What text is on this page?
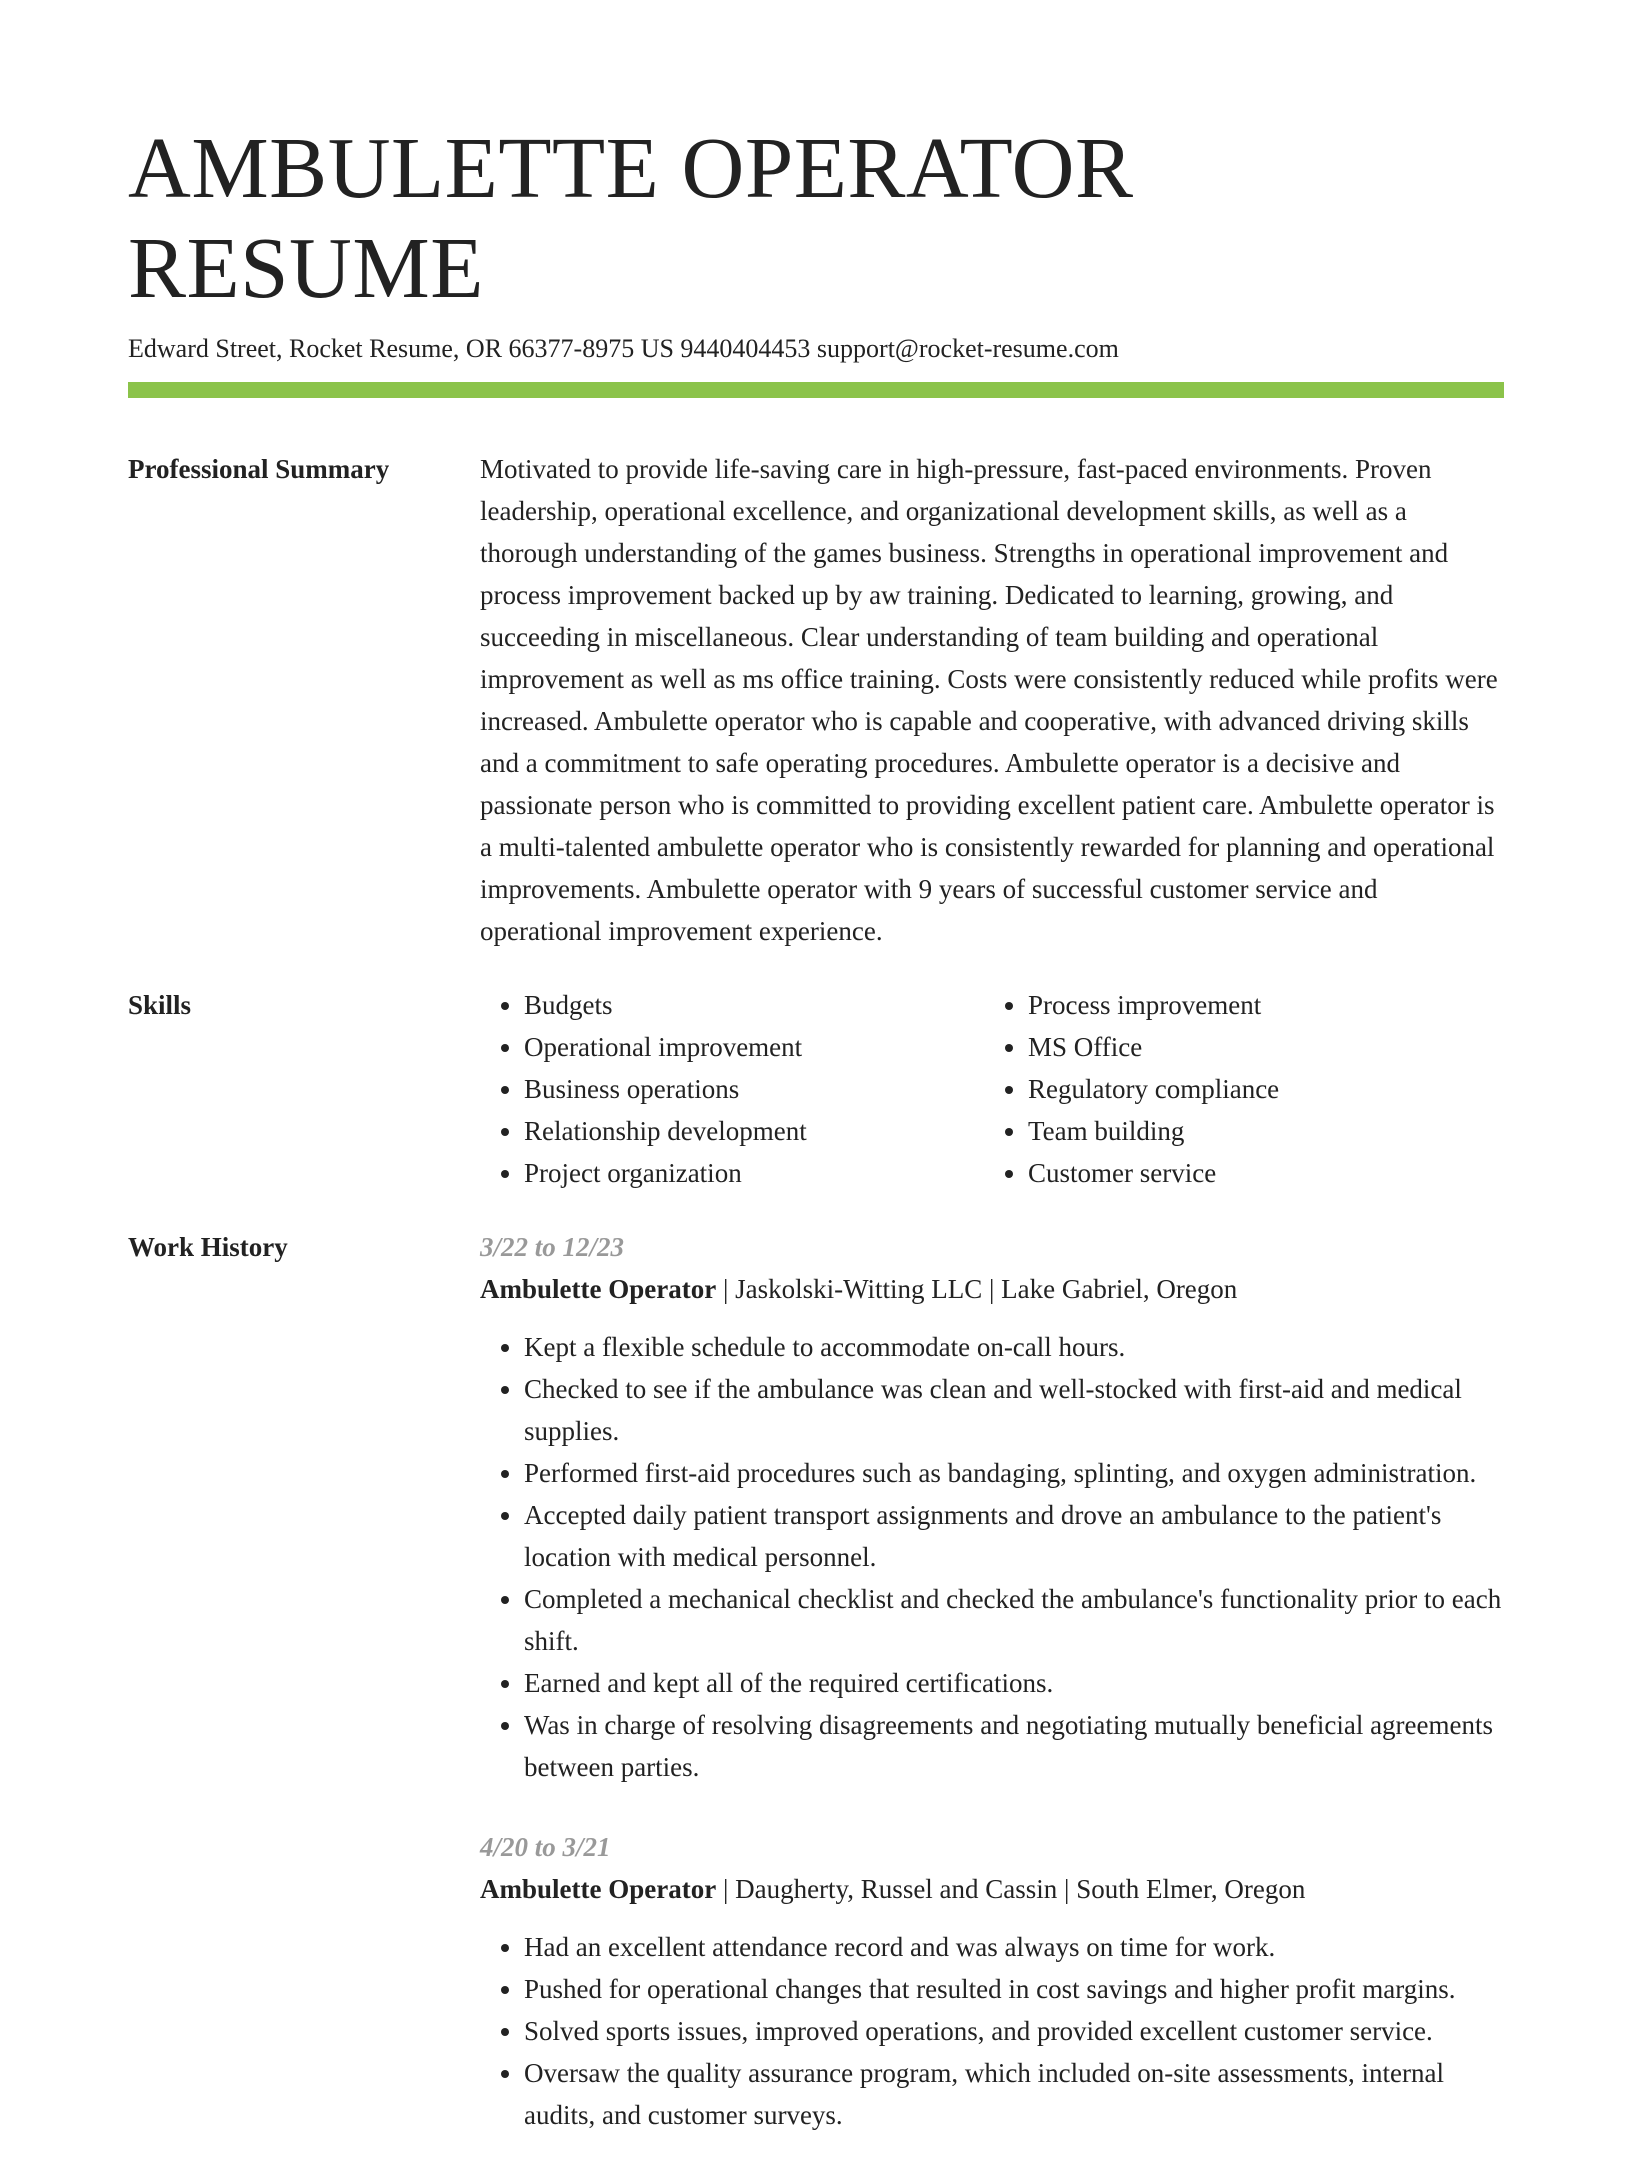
AMBULETTE OPERATOR RESUME
Edward Street, Rocket Resume, OR 66377-8975 US 9440404453 support@rocket-resume.com
Professional Summary	Motivated to provide life-saving care in high-pressure, fast-paced environments. Proven leadership, operational excellence, and organizational development skills, as well as a thorough understanding of the games business. Strengths in operational improvement and process improvement backed up by aw training. Dedicated to learning, growing, and succeeding in miscellaneous. Clear understanding of team building and operational improvement as well as ms office training. Costs were consistently reduced while profits were increased. Ambulette operator who is capable and cooperative, with advanced driving skills and a commitment to safe operating procedures. Ambulette operator is a decisive and passionate person who is committed to providing excellent patient care. Ambulette operator is a multi-talented ambulette operator who is consistently rewarded for planning and operational improvements. Ambulette operator with 9 years of successful customer service and operational improvement experience.

Skills
•	Budgets
• Operational improvement
• Business operations
• Relationship development
• Project organization
• Process improvement
• MS Office
• Regulatory compliance
• Team building
• Customer service
Work History	3/22 to 12/23
Ambulette Operator | Jaskolski-Witting LLC | Lake Gabriel, Oregon
• Kept a flexible schedule to accommodate on-call hours.
• Checked to see if the ambulance was clean and well-stocked with first-aid and medical supplies.
• Performed first-aid procedures such as bandaging, splinting, and oxygen administration.
• Accepted daily patient transport assignments and drove an ambulance to the patient's location with medical personnel.
• Completed a mechanical checklist and checked the ambulance's functionality prior to each shift.
• Earned and kept all of the required certifications.
• Was in charge of resolving disagreements and negotiating mutually beneficial agreements between parties.
4/20 to 3/21
Ambulette Operator | Daugherty, Russel and Cassin | South Elmer, Oregon
• Had an excellent attendance record and was always on time for work.
• Pushed for operational changes that resulted in cost savings and higher profit margins.
• Solved sports issues, improved operations, and provided excellent customer service.
• Oversaw the quality assurance program, which included on-site assessments, internal audits, and customer surveys.
